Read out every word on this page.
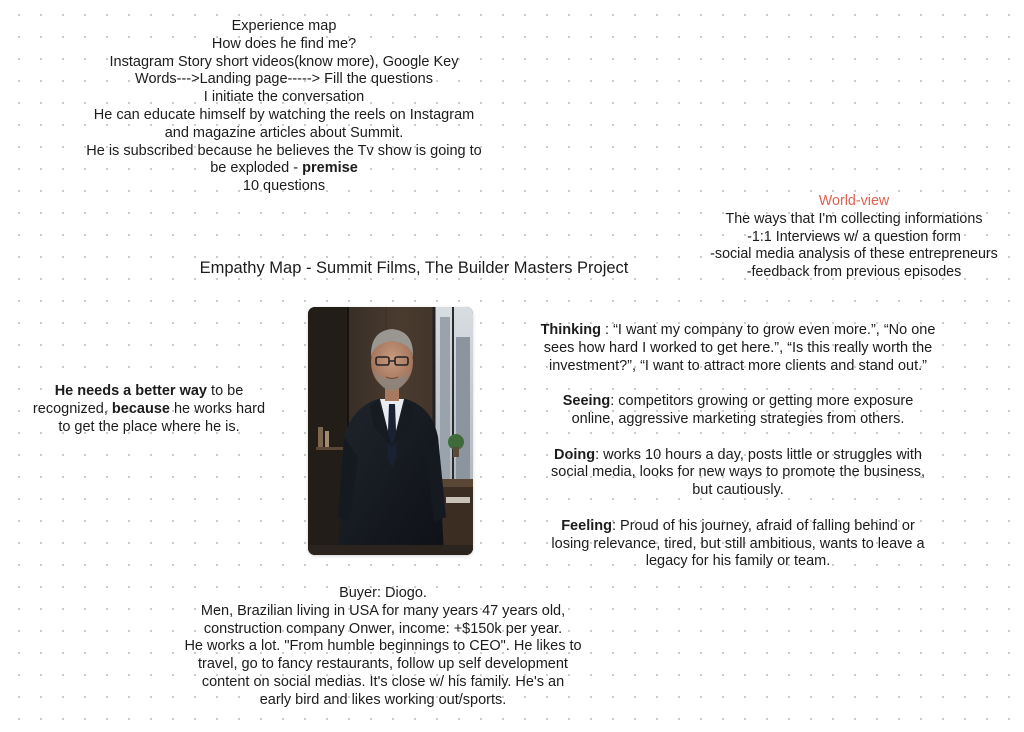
Experience map
How does he find me?
Instagram Story short videos(know more), Google Key
Words--->Landing page-----> Fill the questions
I initiate the conversation
He can educate himself by watching the reels on Instagram
and magazine articles about Summit.
He is subscribed because he believes the Tv show is going to
be exploded - premise
10 questions
World-view
The ways that I'm collecting informations
-1:1 Interviews w/ a question form
-social media analysis of these entrepreneurs
-feedback from previous episodes
Empathy Map - Summit Films, The Builder Masters Project
He needs a better way to be
recognized, because he works hard
to get the place where he is.
Thinking : “I want my company to grow even more.”, “No one
sees how hard I worked to get here.”, “Is this really worth the
investment?”, “I want to attract more clients and stand out.”
Seeing: competitors growing or getting more exposure
online, aggressive marketing strategies from others.
Doing: works 10 hours a day, posts little or struggles with
social media, looks for new ways to promote the business,
but cautiously.
Feeling: Proud of his journey, afraid of falling behind or
losing relevance, tired, but still ambitious, wants to leave a
legacy for his family or team.
Buyer: Diogo.
Men, Brazilian living in USA for many years 47 years old,
construction company Onwer, income: +$150k per year.
He works a lot. "From humble beginnings to CEO". He likes to
travel, go to fancy restaurants, follow up self development
content on social medias. It's close w/ his family. He's an
early bird and likes working out/sports.
